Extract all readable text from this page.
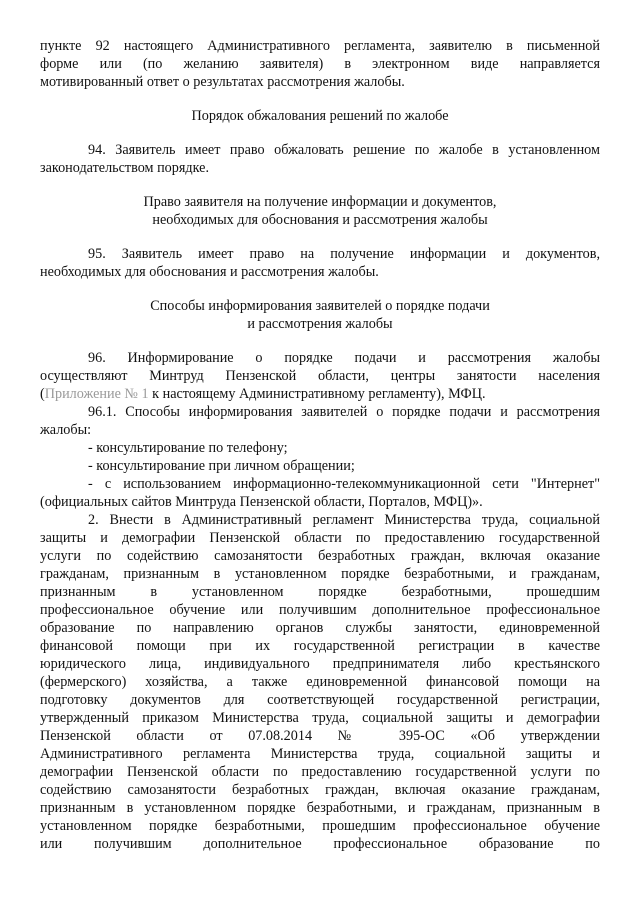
пункте 92 настоящего Административного регламента, заявителю в письменной
форме или (по желанию заявителя) в электронном виде направляется
мотивированный ответ о результатах рассмотрения жалобы.
Порядок обжалования решений по жалобе
94. Заявитель имеет право обжаловать решение по жалобе в установленном
законодательством порядке.
Право заявителя на получение информации и документов,
необходимых для обоснования и рассмотрения жалобы
95. Заявитель имеет право на получение информации и документов,
необходимых для обоснования и рассмотрения жалобы.
Способы информирования заявителей о порядке подачи
и рассмотрения жалобы
96. Информирование о порядке подачи и рассмотрения жалобы
осуществляют Минтруд Пензенской области, центры занятости населения
(Приложение № 1 к настоящему Административному регламенту), МФЦ.
96.1. Способы информирования заявителей о порядке подачи и рассмотрения
жалобы:
- консультирование по телефону;
- консультирование при личном обращении;
- с использованием информационно-телекоммуникационной сети "Интернет"
(официальных сайтов Минтруда Пензенской области, Порталов, МФЦ)».
2. Внести в Административный регламент Министерства труда, социальной
защиты и демографии Пензенской области по предоставлению государственной
услуги по содействию самозанятости безработных граждан, включая оказание
гражданам, признанным в установленном порядке безработными, и гражданам,
признанным в установленном порядке безработными, прошедшим
профессиональное обучение или получившим дополнительное профессиональное
образование по направлению органов службы занятости, единовременной
финансовой помощи при их государственной регистрации в качестве
юридического лица, индивидуального предпринимателя либо крестьянского
(фермерского) хозяйства, а также единовременной финансовой помощи на
подготовку документов для соответствующей государственной регистрации,
утвержденный приказом Министерства труда, социальной защиты и демографии
Пензенской области от 07.08.2014 № 395-ОС «Об утверждении
Административного регламента Министерства труда, социальной защиты и
демографии Пензенской области по предоставлению государственной услуги по
содействию самозанятости безработных граждан, включая оказание гражданам,
признанным в установленном порядке безработными, и гражданам, признанным в
установленном порядке безработными, прошедшим профессиональное обучение
или получившим дополнительное профессиональное образование по
